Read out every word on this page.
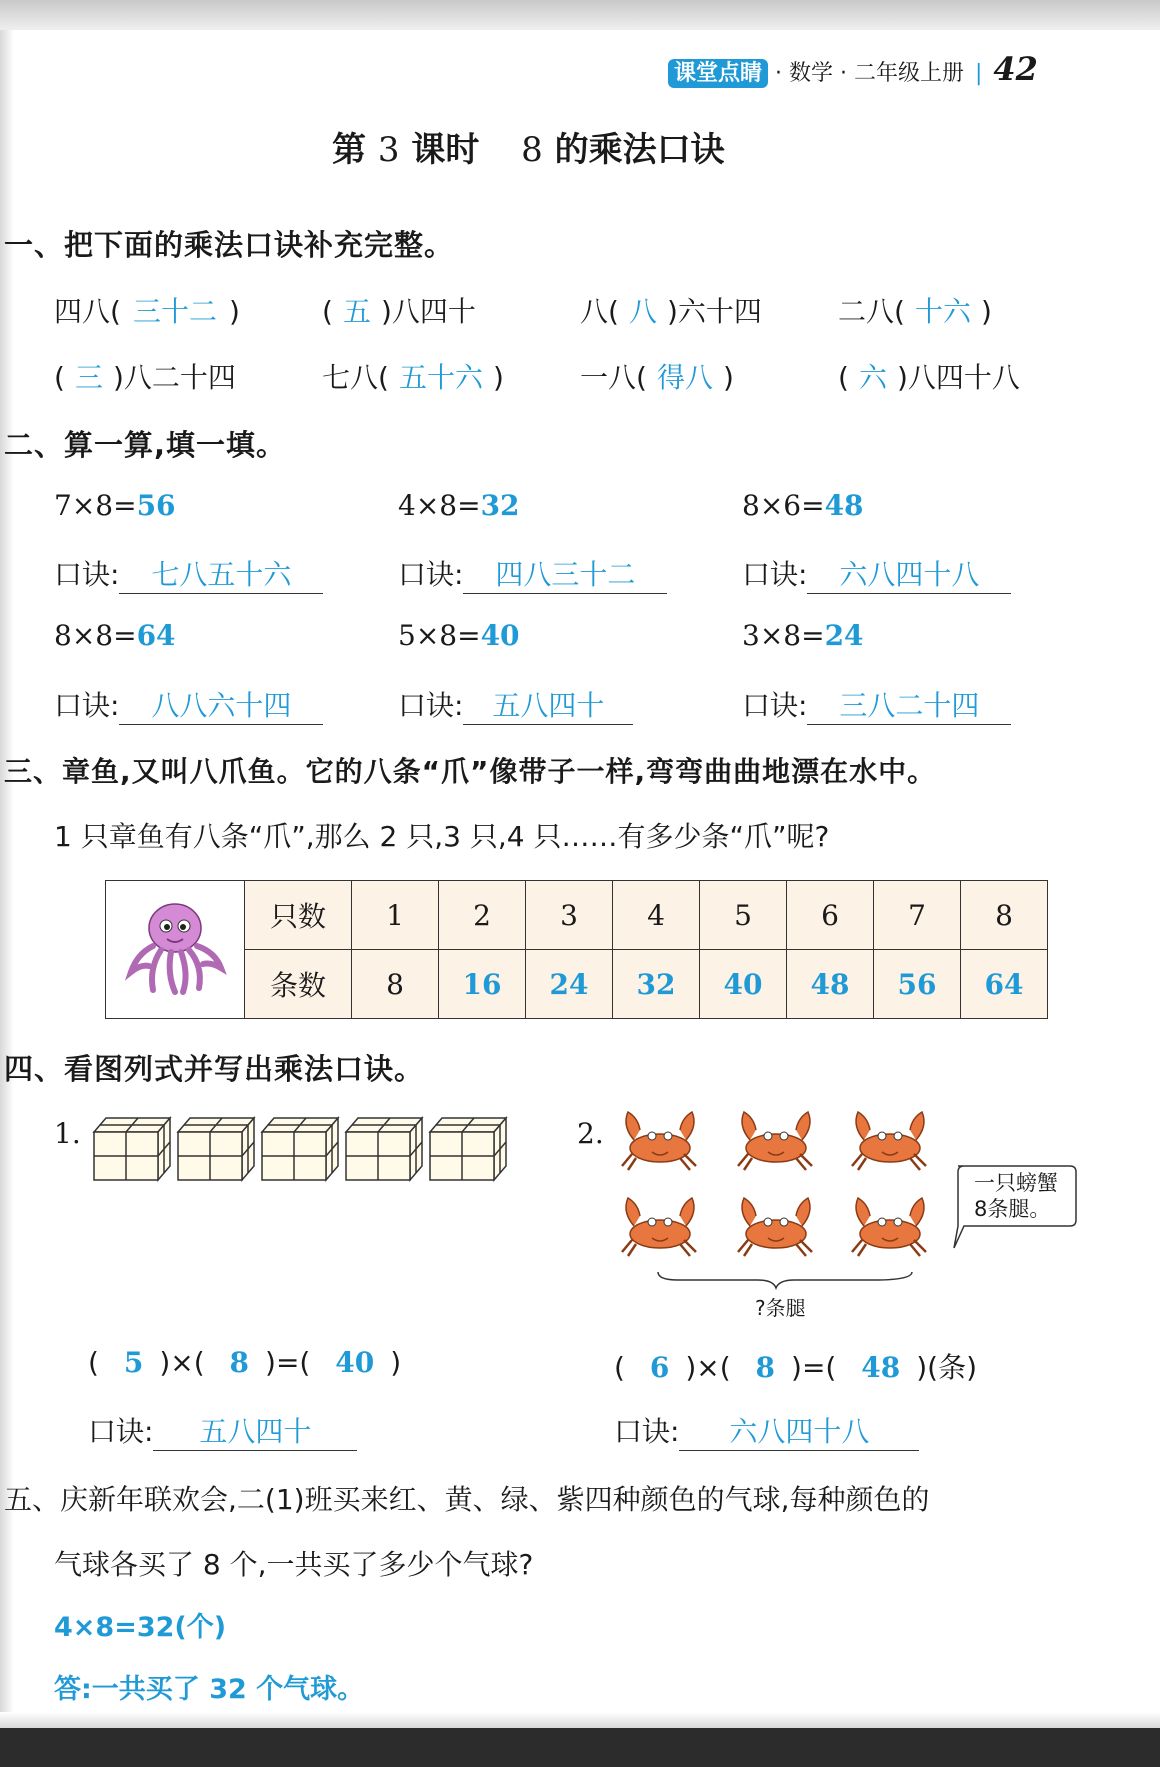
课堂点睛 · 数学 · 二年级上册 | 42
第 3 课时 8 的乘法口诀
一、把下面的乘法口诀补充完整。
四八( 三十二 )	( 五 )八四十	八( 八 )六十四	二八( 十六 )
( 三 )八二十四	七八( 五十六 )	一八( 得八 )	( 六 )八四十八
二、算一算,填一填。
7×8=56	4×8=32	8×6=48
口诀: 七八五十六	口诀: 四八三十二	口诀: 六八四十八
8×8=64	5×8=40	3×8=24
口诀: 八八六十四	口诀: 五八四十	口诀: 三八二十四
三、章鱼,又叫八爪鱼。它的八条“爪”像带子一样,弯弯曲曲地漂在水中。
1 只章鱼有八条“爪”,那么 2 只,3 只,4 只……有多少条“爪”呢?
	只数	1	2	3	4	5	6	7	8
	条数	8	16	24	32	40	48	56	64
四、看图列式并写出乘法口诀。
1.	2.
一只螃蟹
8条腿。
?条腿
( 5 )×( 8 )=( 40 )	( 6 )×( 8 )=( 48 )(条)
口诀: 五八四十	口诀: 六八四十八
五、庆新年联欢会,二(1)班买来红、黄、绿、紫四种颜色的气球,每种颜色的
气球各买了 8 个,一共买了多少个气球?
4×8=32(个)
答:一共买了 32 个气球。
